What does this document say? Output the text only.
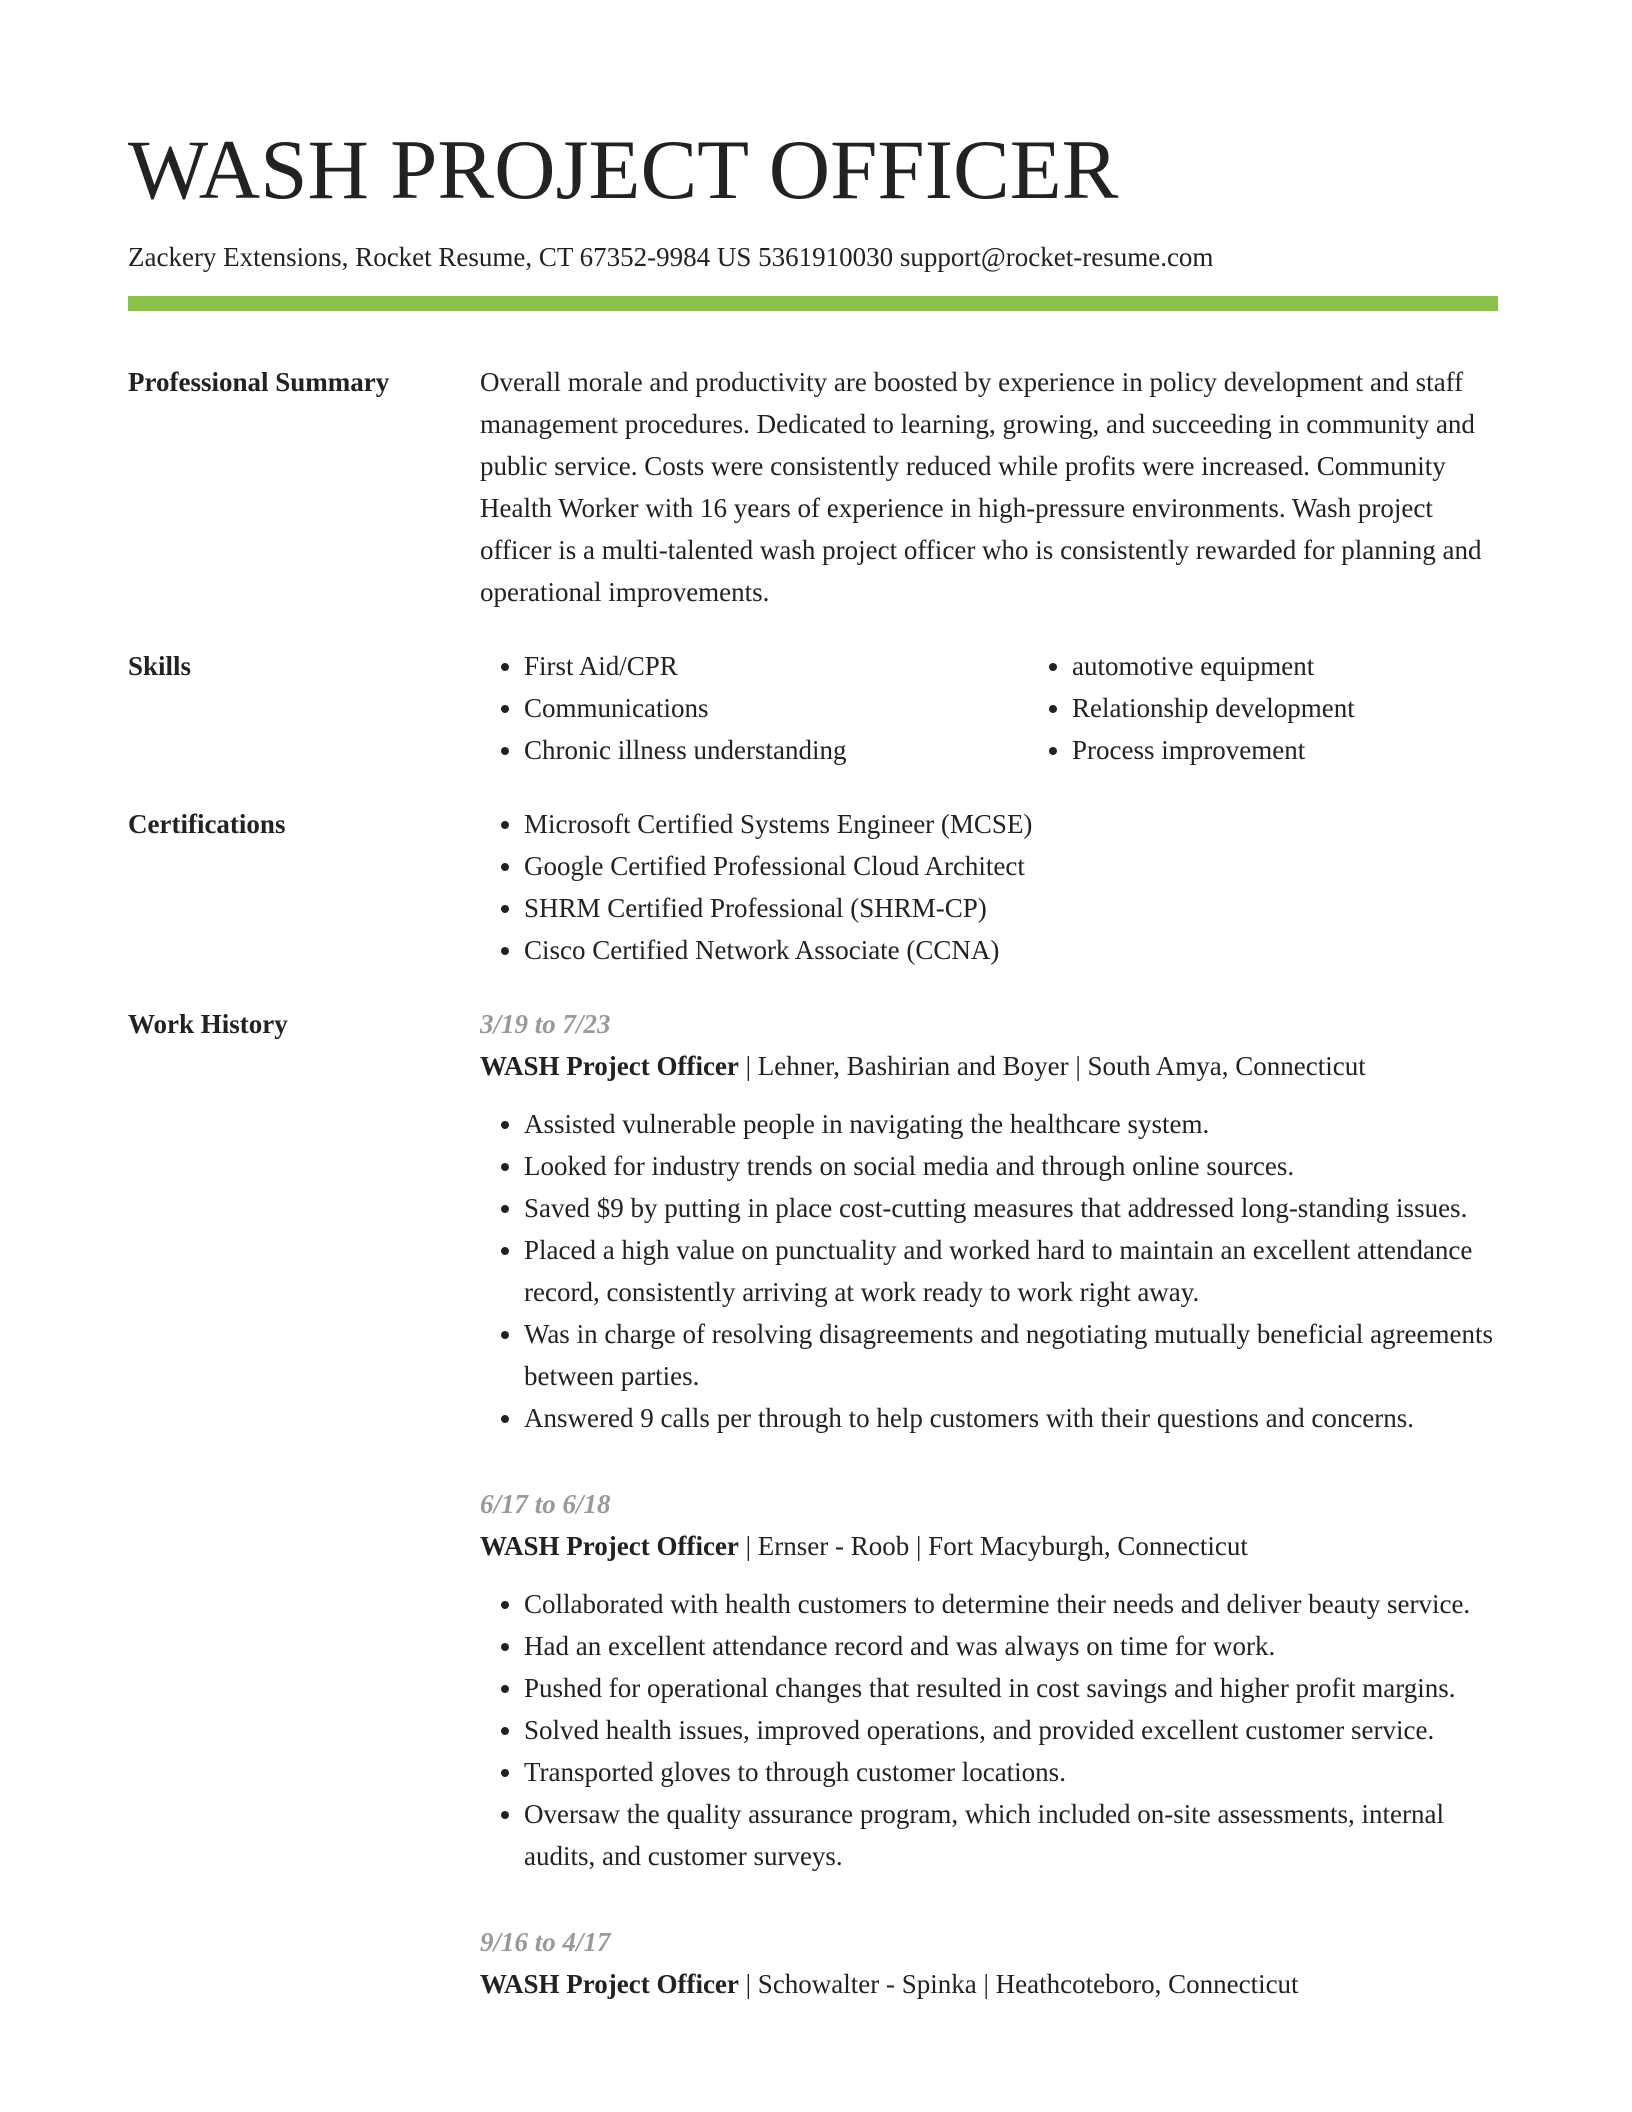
WASH PROJECT OFFICER
Zackery Extensions, Rocket Resume, CT 67352-9984 US 5361910030 support@rocket-resume.com
Professional Summary	Overall morale and productivity are boosted by experience in policy development and staff management procedures. Dedicated to learning, growing, and succeeding in community and public service. Costs were consistently reduced while profits were increased. Community Health Worker with 16 years of experience in high-pressure environments. Wash project officer is a multi-talented wash project officer who is consistently rewarded for planning and operational improvements.
Skills	• First Aid/CPR
• Communications
• Chronic illness understanding
• automotive equipment
• Relationship development
• Process improvement
Certifications	• Microsoft Certified Systems Engineer (MCSE)
• Google Certified Professional Cloud Architect
• SHRM Certified Professional (SHRM-CP)
• Cisco Certified Network Associate (CCNA)
Work History	3/19 to 7/23
WASH Project Officer | Lehner, Bashirian and Boyer | South Amya, Connecticut
• Assisted vulnerable people in navigating the healthcare system.
• Looked for industry trends on social media and through online sources.
• Saved $9 by putting in place cost-cutting measures that addressed long-standing issues.
• Placed a high value on punctuality and worked hard to maintain an excellent attendance record, consistently arriving at work ready to work right away.
• Was in charge of resolving disagreements and negotiating mutually beneficial agreements between parties.
• Answered 9 calls per through to help customers with their questions and concerns.
6/17 to 6/18
WASH Project Officer | Ernser - Roob | Fort Macyburgh, Connecticut
• Collaborated with health customers to determine their needs and deliver beauty service.
• Had an excellent attendance record and was always on time for work.
• Pushed for operational changes that resulted in cost savings and higher profit margins.
• Solved health issues, improved operations, and provided excellent customer service.
• Transported gloves to through customer locations.
• Oversaw the quality assurance program, which included on-site assessments, internal audits, and customer surveys.
9/16 to 4/17
WASH Project Officer | Schowalter - Spinka | Heathcoteboro, Connecticut
